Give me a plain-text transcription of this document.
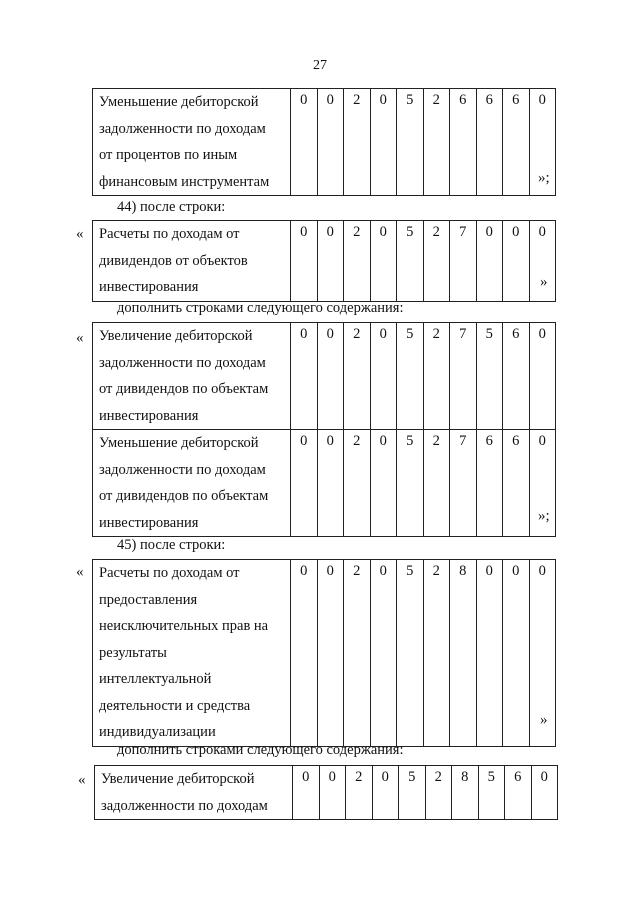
27
Уменьшение дебиторской
задолженности по доходам
от процентов по иным
финансовым инструментам
	0	0	2	0	5	2	6	6	6	0
»;
44) после строки:
« Расчеты по доходам от
дивидендов от объектов
инвестирования
	0	0	2	0	5	2	7	0	0	0
»
дополнить строками следующего содержания:
« Увеличение дебиторской
задолженности по доходам
от дивидендов по объектам
инвестирования	0	0	2	0	5	2	7	5	6	0

Уменьшение дебиторской
задолженности по доходам
от дивидендов по объектам
инвестирования	0	0	2	0	5	2	7	6	6	0
»;
45) после строки:
« Расчеты по доходам от
предоставления
неисключительных прав на
результаты
интеллектуальной
деятельности и средства
индивидуализации
	0	0	2	0	5	2	8	0	0	0
»
дополнить строками следующего содержания:
« Увеличение дебиторской
задолженности по доходам
	0	0	2	0	5	2	8	5	6	0
